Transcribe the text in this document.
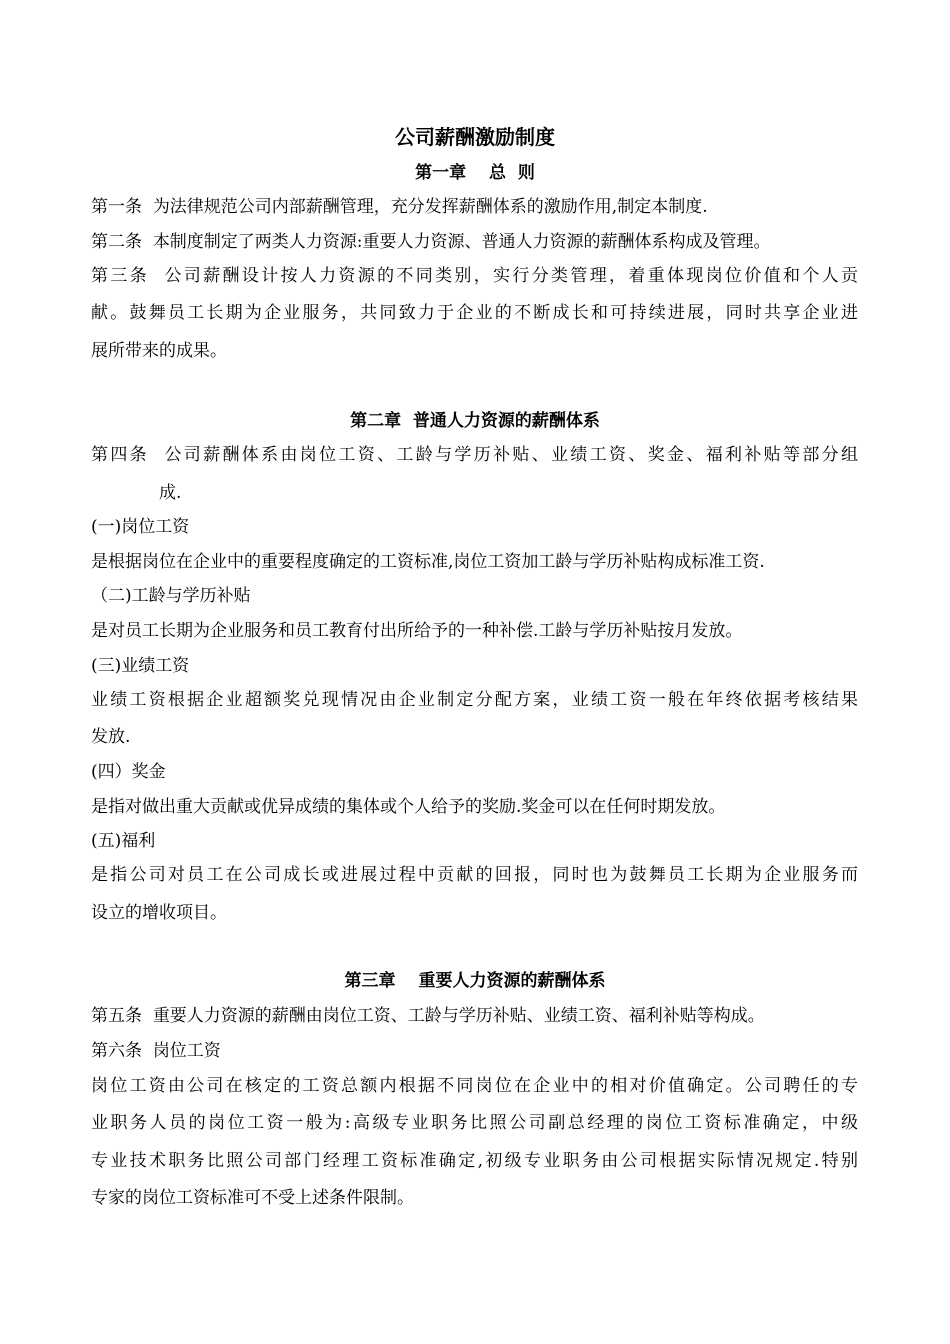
公司薪酬激励制度
第一章　 总  则
第一条 为法律规范公司内部薪酬管理，充分发挥薪酬体系的激励作用,制定本制度.
第二条 本制度制定了两类人力资源:重要人力资源、普通人力资源的薪酬体系构成及管理。
第三条 公司薪酬设计按人力资源的不同类别，实行分类管理，着重体现岗位价值和个人贡
献。鼓舞员工长期为企业服务，共同致力于企业的不断成长和可持续进展，同时共享企业进
展所带来的成果。
第二章  普通人力资源的薪酬体系
第四条 公司薪酬体系由岗位工资、工龄与学历补贴、业绩工资、奖金、福利补贴等部分组
成.
(一)岗位工资
是根据岗位在企业中的重要程度确定的工资标准,岗位工资加工龄与学历补贴构成标准工资.
（二)工龄与学历补贴
是对员工长期为企业服务和员工教育付出所给予的一种补偿.工龄与学历补贴按月发放。
(三)业绩工资
业绩工资根据企业超额奖兑现情况由企业制定分配方案，业绩工资一般在年终依据考核结果
发放.
(四）奖金
是指对做出重大贡献或优异成绩的集体或个人给予的奖励.奖金可以在任何时期发放。
(五)福利
是指公司对员工在公司成长或进展过程中贡献的回报，同时也为鼓舞员工长期为企业服务而
设立的增收项目。
第三章　 重要人力资源的薪酬体系
第五条 重要人力资源的薪酬由岗位工资、工龄与学历补贴、业绩工资、福利补贴等构成。
第六条 岗位工资
岗位工资由公司在核定的工资总额内根据不同岗位在企业中的相对价值确定。公司聘任的专
业职务人员的岗位工资一般为:高级专业职务比照公司副总经理的岗位工资标准确定，中级
专业技术职务比照公司部门经理工资标准确定,初级专业职务由公司根据实际情况规定.特别
专家的岗位工资标准可不受上述条件限制。
